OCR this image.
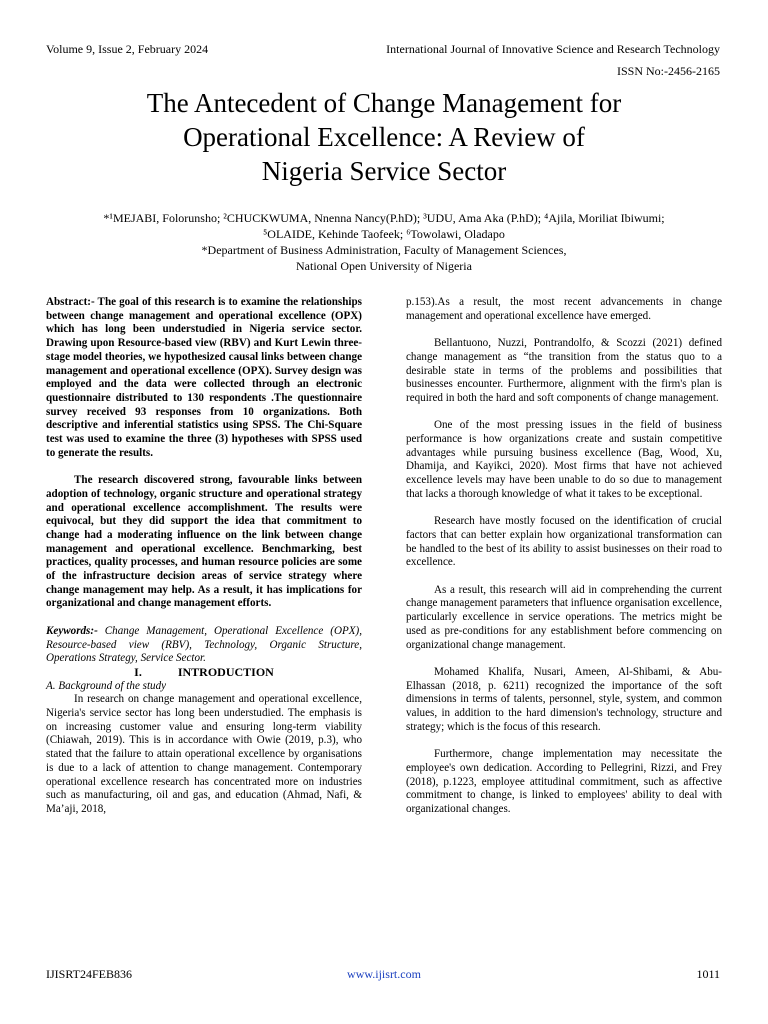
Volume 9, Issue 2, February 2024	International Journal of Innovative Science and Research Technology
ISSN No:-2456-2165
The Antecedent of Change Management for
Operational Excellence: A Review of
Nigeria Service Sector
*¹MEJABI, Folorunsho; ²CHUCKWUMA, Nnenna Nancy(P.hD); ³UDU, Ama Aka (P.hD); ⁴Ajila, Moriliat Ibiwumi;
⁵OLAIDE, Kehinde Taofeek; ⁶Towolawi, Oladapo
*Department of Business Administration, Faculty of Management Sciences,
National Open University of Nigeria

Abstract:- The goal of this research is to examine the relationships between change management and operational excellence (OPX) which has long been understudied in Nigeria service sector. Drawing upon Resource-based view (RBV) and Kurt Lewin three-stage model theories, we hypothesized causal links between change management and operational excellence (OPX). Survey design was employed and the data were collected through an electronic questionnaire distributed to 130 respondents .The questionnaire survey received 93 responses from 10 organizations. Both descriptive and inferential statistics using SPSS. The Chi-Square test was used to examine the three (3) hypotheses with SPSS used to generate the results.

The research discovered strong, favourable links between adoption of technology, organic structure and operational strategy and operational excellence accomplishment. The results were equivocal, but they did support the idea that commitment to change had a moderating influence on the link between change management and operational excellence. Benchmarking, best practices, quality processes, and human resource policies are some of the infrastructure decision areas of service strategy where change management may help. As a result, it has implications for organizational and change management efforts.

Keywords:- Change Management, Operational Excellence (OPX), Resource-based view (RBV), Technology, Organic Structure, Operations Strategy, Service Sector.

I.	INTRODUCTION

A. Background of the study

In research on change management and operational excellence, Nigeria's service sector has long been understudied. The emphasis is on increasing customer value and ensuring long-term viability (Chiawah, 2019). This is in accordance with Owie (2019, p.3), who stated that the failure to attain operational excellence by organisations is due to a lack of attention to change management. Contemporary operational excellence research has concentrated more on industries such as manufacturing, oil and gas, and education (Ahmad, Nafi, & Ma’aji, 2018,

p.153).As a result, the most recent advancements in change management and operational excellence have emerged.

Bellantuono, Nuzzi, Pontrandolfo, & Scozzi (2021) defined change management as “the transition from the status quo to a desirable state in terms of the problems and possibilities that businesses encounter. Furthermore, alignment with the firm's plan is required in both the hard and soft components of change management.

One of the most pressing issues in the field of business performance is how organizations create and sustain competitive advantages while pursuing business excellence (Bag, Wood, Xu, Dhamija, and Kayikci, 2020). Most firms that have not achieved excellence levels may have been unable to do so due to management that lacks a thorough knowledge of what it takes to be exceptional.

Research have mostly focused on the identification of crucial factors that can better explain how organizational transformation can be handled to the best of its ability to assist businesses on their road to excellence.

As a result, this research will aid in comprehending the current change management parameters that influence organisation excellence, particularly excellence in service operations. The metrics might be used as pre-conditions for any establishment before commencing on organizational change management.

Mohamed Khalifa, Nusari, Ameen, Al-Shibami, & Abu-Elhassan (2018, p. 6211) recognized the importance of the soft dimensions in terms of talents, personnel, style, system, and common values, in addition to the hard dimension's technology, structure and strategy; which is the focus of this research.

Furthermore, change implementation may necessitate the employee's own dedication. According to Pellegrini, Rizzi, and Frey (2018), p.1223, employee attitudinal commitment, such as affective commitment to change, is linked to employees' ability to deal with organizational changes.

IJISRT24FEB836	www.ijisrt.com	1011
